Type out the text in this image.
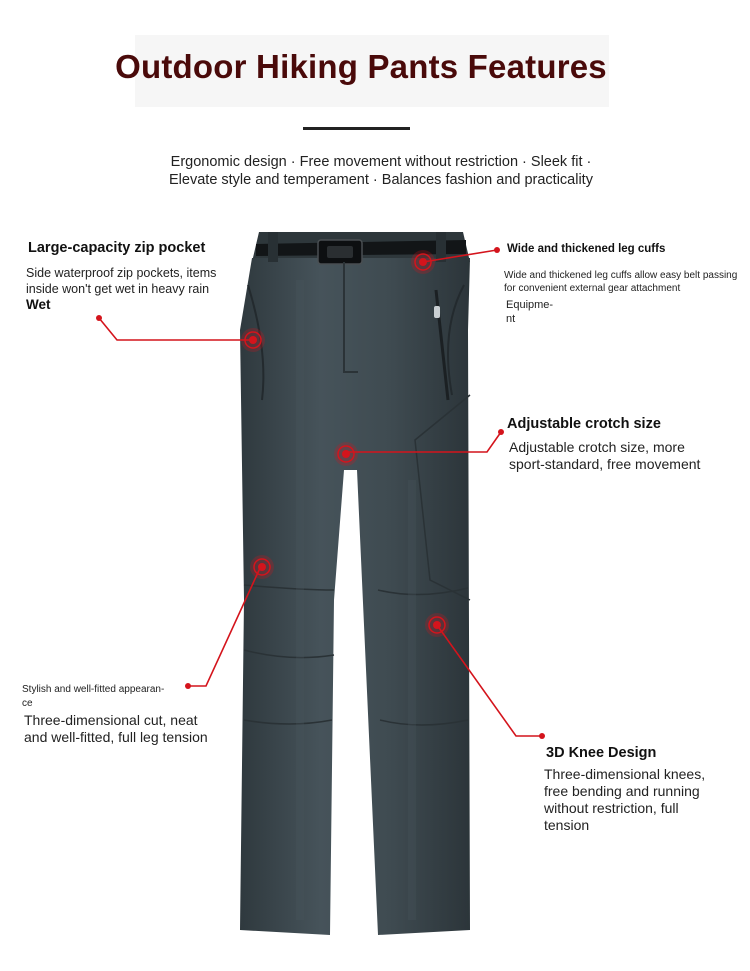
Outdoor Hiking Pants Features
Ergonomic design · Free movement without restriction · Sleek fit ·
Elevate style and temperament · Balances fashion and practicality
Large-capacity zip pocket
Side waterproof zip pockets, items
inside won't get wet in heavy rain
Wet
Wide and thickened leg cuffs
Wide and thickened leg cuffs allow easy belt passing
for convenient external gear attachment
Equipme-
nt
Adjustable crotch size
Adjustable crotch size, more
sport-standard, free movement
Stylish and well-fitted appearan-
ce
Three-dimensional cut, neat
and well-fitted, full leg tension
3D Knee Design
Three-dimensional knees,
free bending and running
without restriction, full
tension
